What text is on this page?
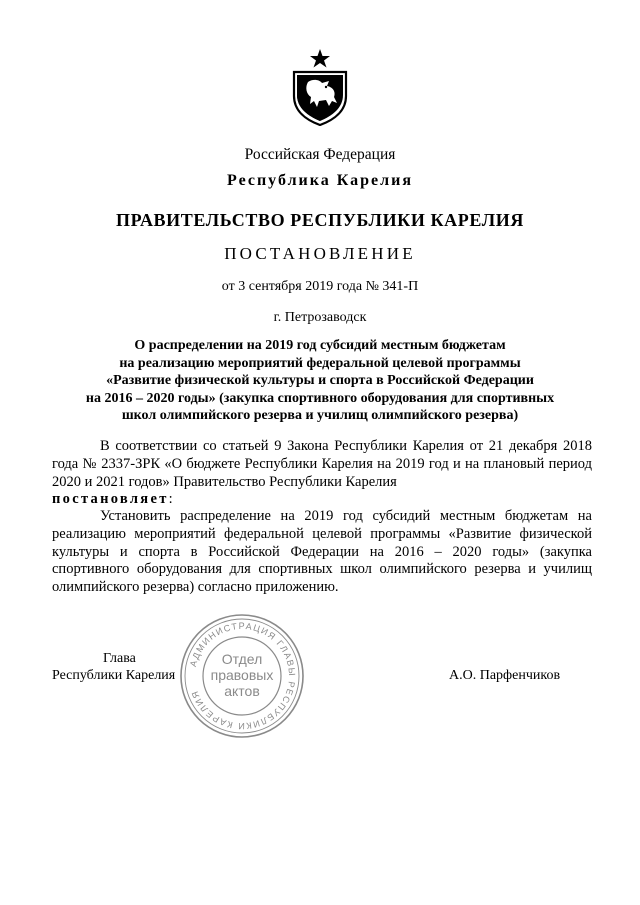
Российская Федерация
Республика Карелия
ПРАВИТЕЛЬСТВО РЕСПУБЛИКИ КАРЕЛИЯ
ПОСТАНОВЛЕНИЕ
от 3 сентября 2019 года № 341-П
г. Петрозаводск
О распределении на 2019 год субсидий местным бюджетам
на реализацию мероприятий федеральной целевой программы
«Развитие физической культуры и спорта в Российской Федерации
на 2016 – 2020 годы» (закупка спортивного оборудования для спортивных
школ олимпийского резерва и училищ олимпийского резерва)
В соответствии со статьей 9 Закона Республики Карелия от 21 декабря 2018 года № 2337-ЗРК «О бюджете Республики Карелия на 2019 год и на плановый период 2020 и 2021 годов» Правительство Республики Карелия
постановляет:
Установить распределение на 2019 год субсидий местным бюджетам на реализацию мероприятий федеральной целевой программы «Развитие физической культуры и спорта в Российской Федерации на 2016 – 2020 годы» (закупка спортивного оборудования для спортивных школ олимпийского резерва и училищ олимпийского резерва) согласно приложению.
Глава
Республики Карелия	А.О. Парфенчиков
АДМИНИСТРАЦИЯ ГЛАВЫ РЕСПУБЛИКИ КАРЕЛИЯ
Отдел
правовых
актов
